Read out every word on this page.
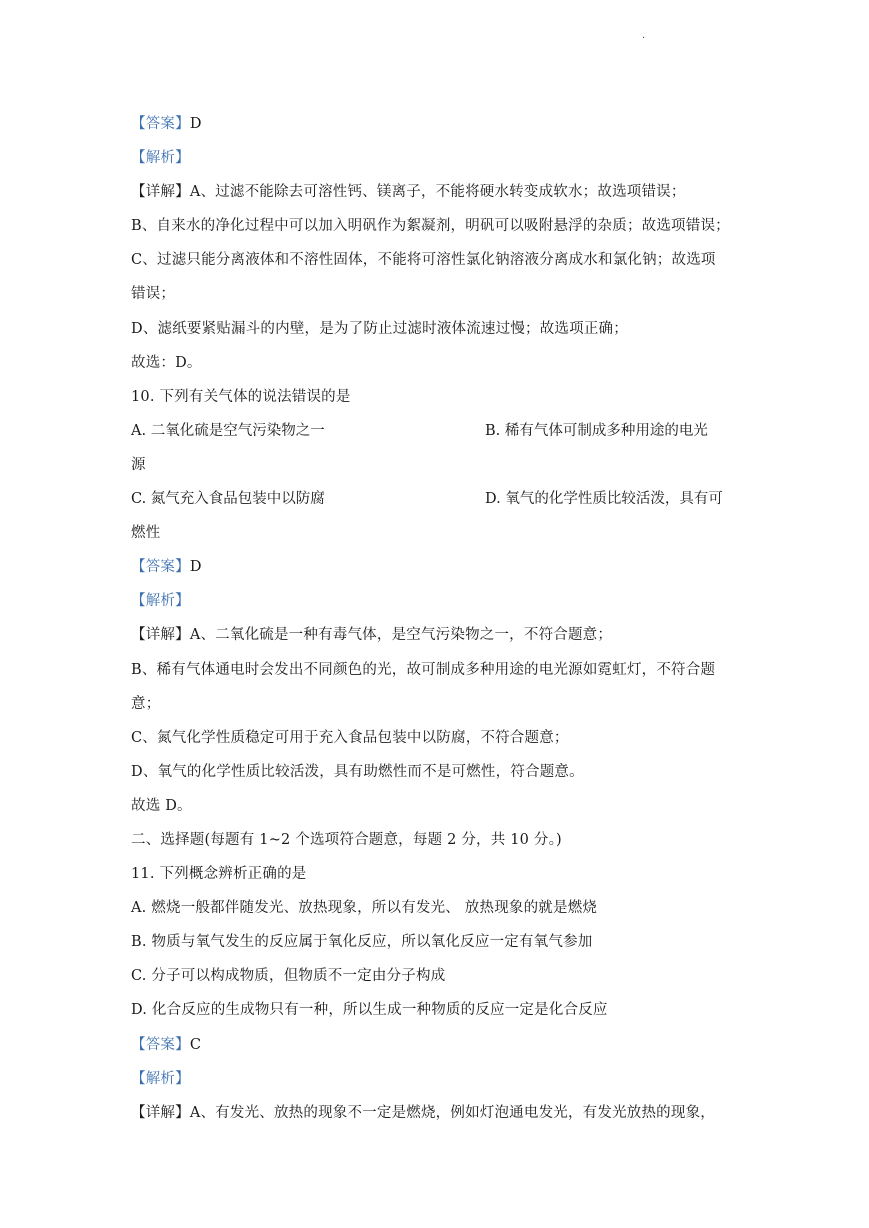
.
【答案】D
【解析】
【详解】A、过滤不能除去可溶性钙、镁离子，不能将硬水转变成软水；故选项错误；
B、自来水的净化过程中可以加入明矾作为絮凝剂，明矾可以吸附悬浮的杂质；故选项错误；
C、过滤只能分离液体和不溶性固体，不能将可溶性氯化钠溶液分离成水和氯化钠；故选项
错误；
D、滤纸要紧贴漏斗的内壁，是为了防止过滤时液体流速过慢；故选项正确；
故选：D。
10. 下列有关气体的说法错误的是
A. 二氧化硫是空气污染物之一	B. 稀有气体可制成多种用途的电光
源
C. 氮气充入食品包装中以防腐	D. 氧气的化学性质比较活泼，具有可
燃性
【答案】D
【解析】
【详解】A、二氧化硫是一种有毒气体，是空气污染物之一，不符合题意；
B、稀有气体通电时会发出不同颜色的光，故可制成多种用途的电光源如霓虹灯，不符合题
意；
C、氮气化学性质稳定可用于充入食品包装中以防腐，不符合题意；
D、氧气的化学性质比较活泼，具有助燃性而不是可燃性，符合题意。
故选 D。
二、选择题(每题有 1~2 个选项符合题意，每题 2 分，共 10 分。)
11. 下列概念辨析正确的是
A. 燃烧一般都伴随发光、放热现象，所以有发光、 放热现象的就是燃烧
B. 物质与氧气发生的反应属于氧化反应，所以氧化反应一定有氧气参加
C. 分子可以构成物质，但物质不一定由分子构成
D. 化合反应的生成物只有一种，所以生成一种物质的反应一定是化合反应
【答案】C
【解析】
【详解】A、有发光、放热的现象不一定是燃烧，例如灯泡通电发光，有发光放热的现象，
